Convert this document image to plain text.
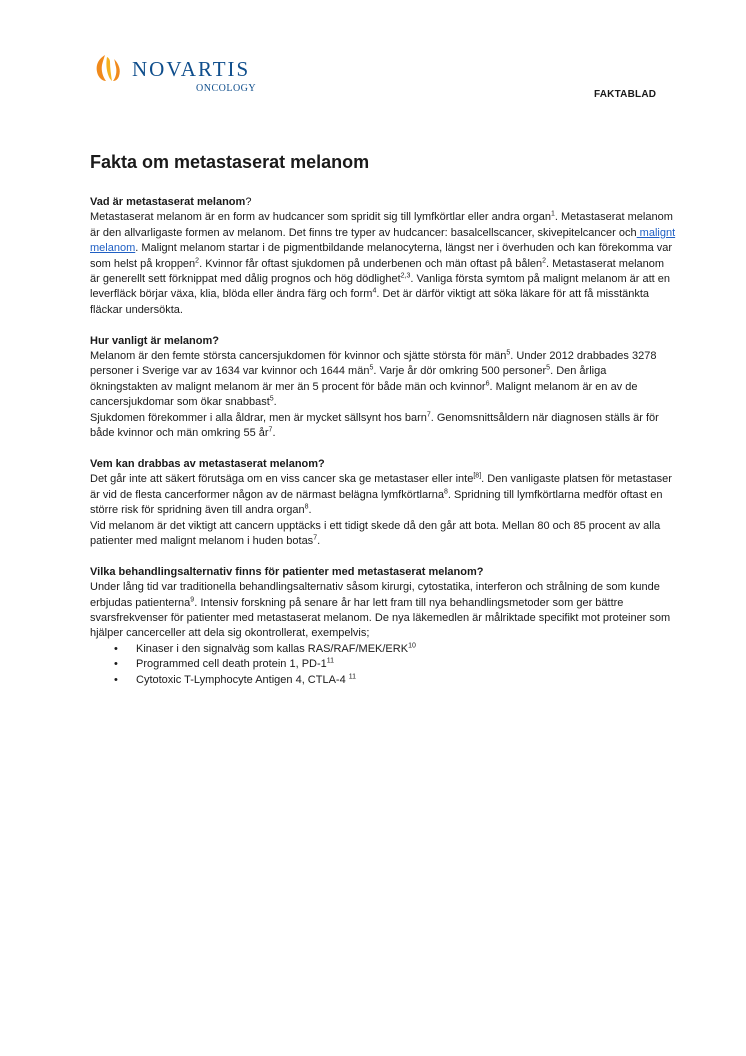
NOVARTIS
ONCOLOGY
FAKTABLAD
Fakta om metastaserat melanom
Vad är metastaserat melanom?

Metastaserat melanom är en form av hudcancer som spridit sig till lymfkörtlar eller andra organ$^1$. Metastaserat melanom är den allvarligaste formen av melanom. Det finns tre typer av hudcancer: basalcellscancer, skivepitelcancer och malignt melanom. Malignt melanom startar i de pigmentbildande melanocyterna, längst ner i överhuden och kan förekomma var som helst på kroppen$^2$. Kvinnor får oftast sjukdomen på underbenen och män oftast på bålen$^2$. Metastaserat melanom är generellt sett förknippat med dålig prognos och hög dödlighet$^{2,3}$. Vanliga första symtom på malignt melanom är att en leverfläck börjar växa, klia, blöda eller ändra färg och form$^4$. Det är därför viktigt att söka läkare för att få misstänkta fläckar undersökta.

Hur vanligt är melanom?

Melanom är den femte största cancersjukdomen för kvinnor och sjätte största för män$^5$. Under 2012 drabbades 3278 personer i Sverige var av 1634 var kvinnor och 1644 män$^5$. Varje år dör omkring 500 personer$^5$. Den årliga ökningstakten av malignt melanom är mer än 5 procent för både män och kvinnor$^6$. Malignt melanom är en av de cancersjukdomar som ökar snabbast$^5$.

Sjukdomen förekommer i alla åldrar, men är mycket sällsynt hos barn$^7$. Genomsnittsåldern när diagnosen ställs är för både kvinnor och män omkring 55 $år^7$.

Vem kan drabbas av metastaserat melanom?

Det går inte att säkert förutsäga om en viss cancer ska ge metastaser eller inte[8]. Den vanligaste platsen för metastaser är vid de flesta cancerformer någon av de närmast belägna lymfkörtlarna$^8$. Spridning till lymfkörtlarna medför oftast en större risk för spridning även till andra organ$^8$.

Vid melanom är det viktigt att cancern upptäcks i ett tidigt skede då den går att bota. Mellan 80 och 85 procent av alla patienter med malignt melanom i huden botas$^7$.

Vilka behandlingsalternativ finns för patienter med metastaserat melanom?

Under lång tid var traditionella behandlingsalternativ såsom kirurgi, cytostatika, interferon och strålning de som kunde erbjudas patienterna$^9$. Intensiv forskning på senare år har lett fram till nya behandlingsmetoder som ger bättre svarsfrekvenser för patienter med metastaserat melanom. De nya läkemedlen är målriktade specifikt mot proteiner som hjälper cancerceller att dela sig okontrollerat, exempelvis;

• Kinaser i den signalväg som kallas RAS/RAF/MEK/ERK$^{10}$
• Programmed cell death protein 1, $PD-1^{11}$
• Cytotoxic T-Lymphocyte Antigen 4, CTLA-4 $^{11}$
